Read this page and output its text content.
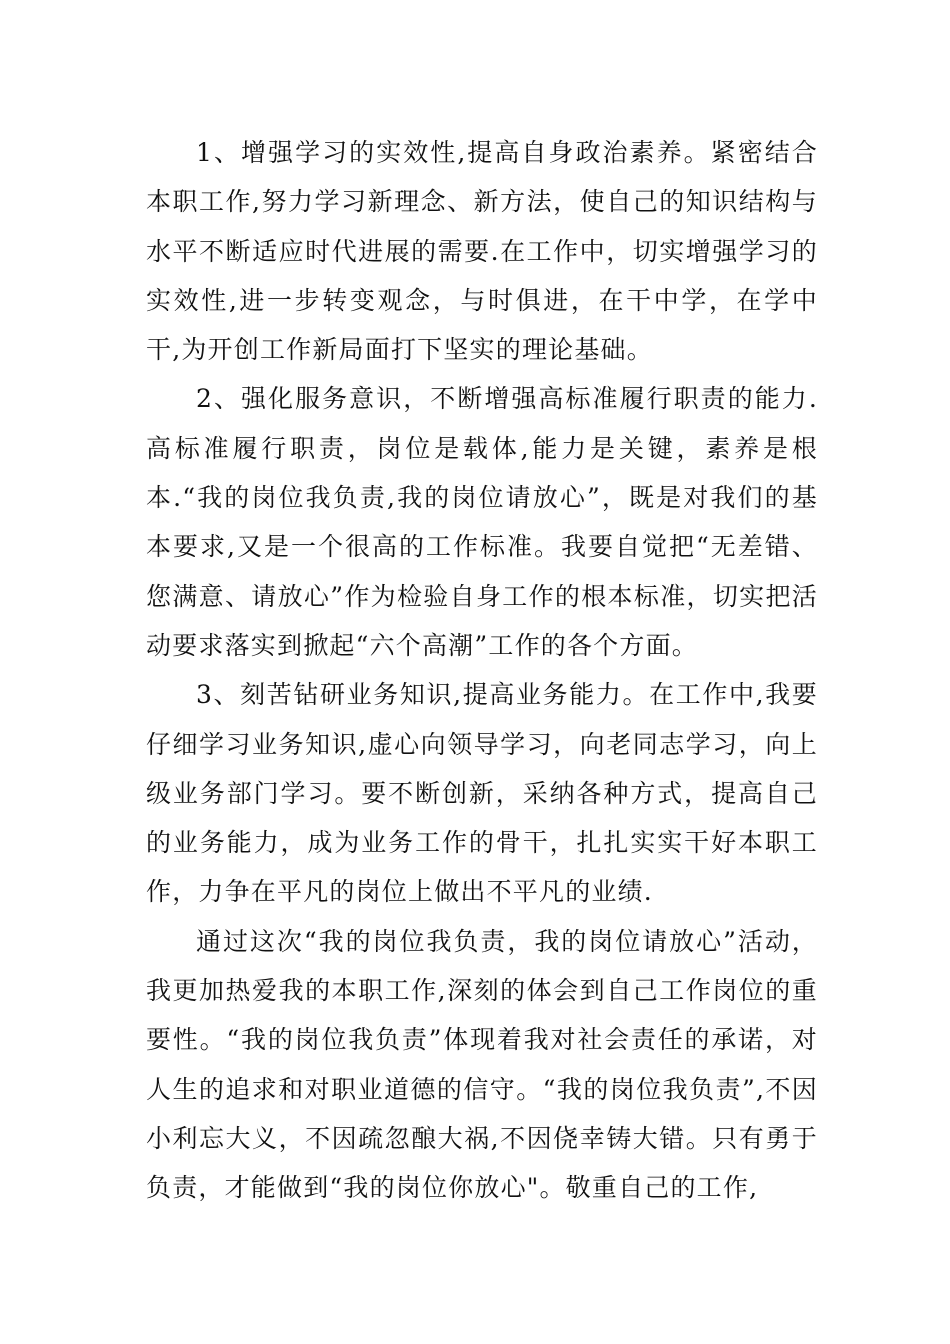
1、增强学习的实效性,提高自身政治素养。紧密结合本职工作,努力学习新理念、新方法，使自己的知识结构与水平不断适应时代进展的需要.在工作中，切实增强学习的实效性,进一步转变观念，与时俱进，在干中学，在学中干,为开创工作新局面打下坚实的理论基础。

2、强化服务意识，不断增强高标准履行职责的能力.高标准履行职责，岗位是载体,能力是关键，素养是根本.“我的岗位我负责,我的岗位请放心”，既是对我们的基本要求,又是一个很高的工作标准。我要自觉把“无差错、您满意、请放心”作为检验自身工作的根本标准，切实把活动要求落实到掀起“六个高潮”工作的各个方面。

3、刻苦钻研业务知识,提高业务能力。在工作中,我要仔细学习业务知识,虚心向领导学习，向老同志学习，向上级业务部门学习。要不断创新，采纳各种方式，提高自己的业务能力，成为业务工作的骨干，扎扎实实干好本职工作，力争在平凡的岗位上做出不平凡的业绩.

通过这次“我的岗位我负责，我的岗位请放心”活动，我更加热爱我的本职工作,深刻的体会到自己工作岗位的重要性。“我的岗位我负责”体现着我对社会责任的承诺，对人生的追求和对职业道德的信守。“我的岗位我负责”,不因小利忘大义，不因疏忽酿大祸,不因侥幸铸大错。只有勇于负责，才能做到“我的岗位你放心"。敬重自己的工作,
